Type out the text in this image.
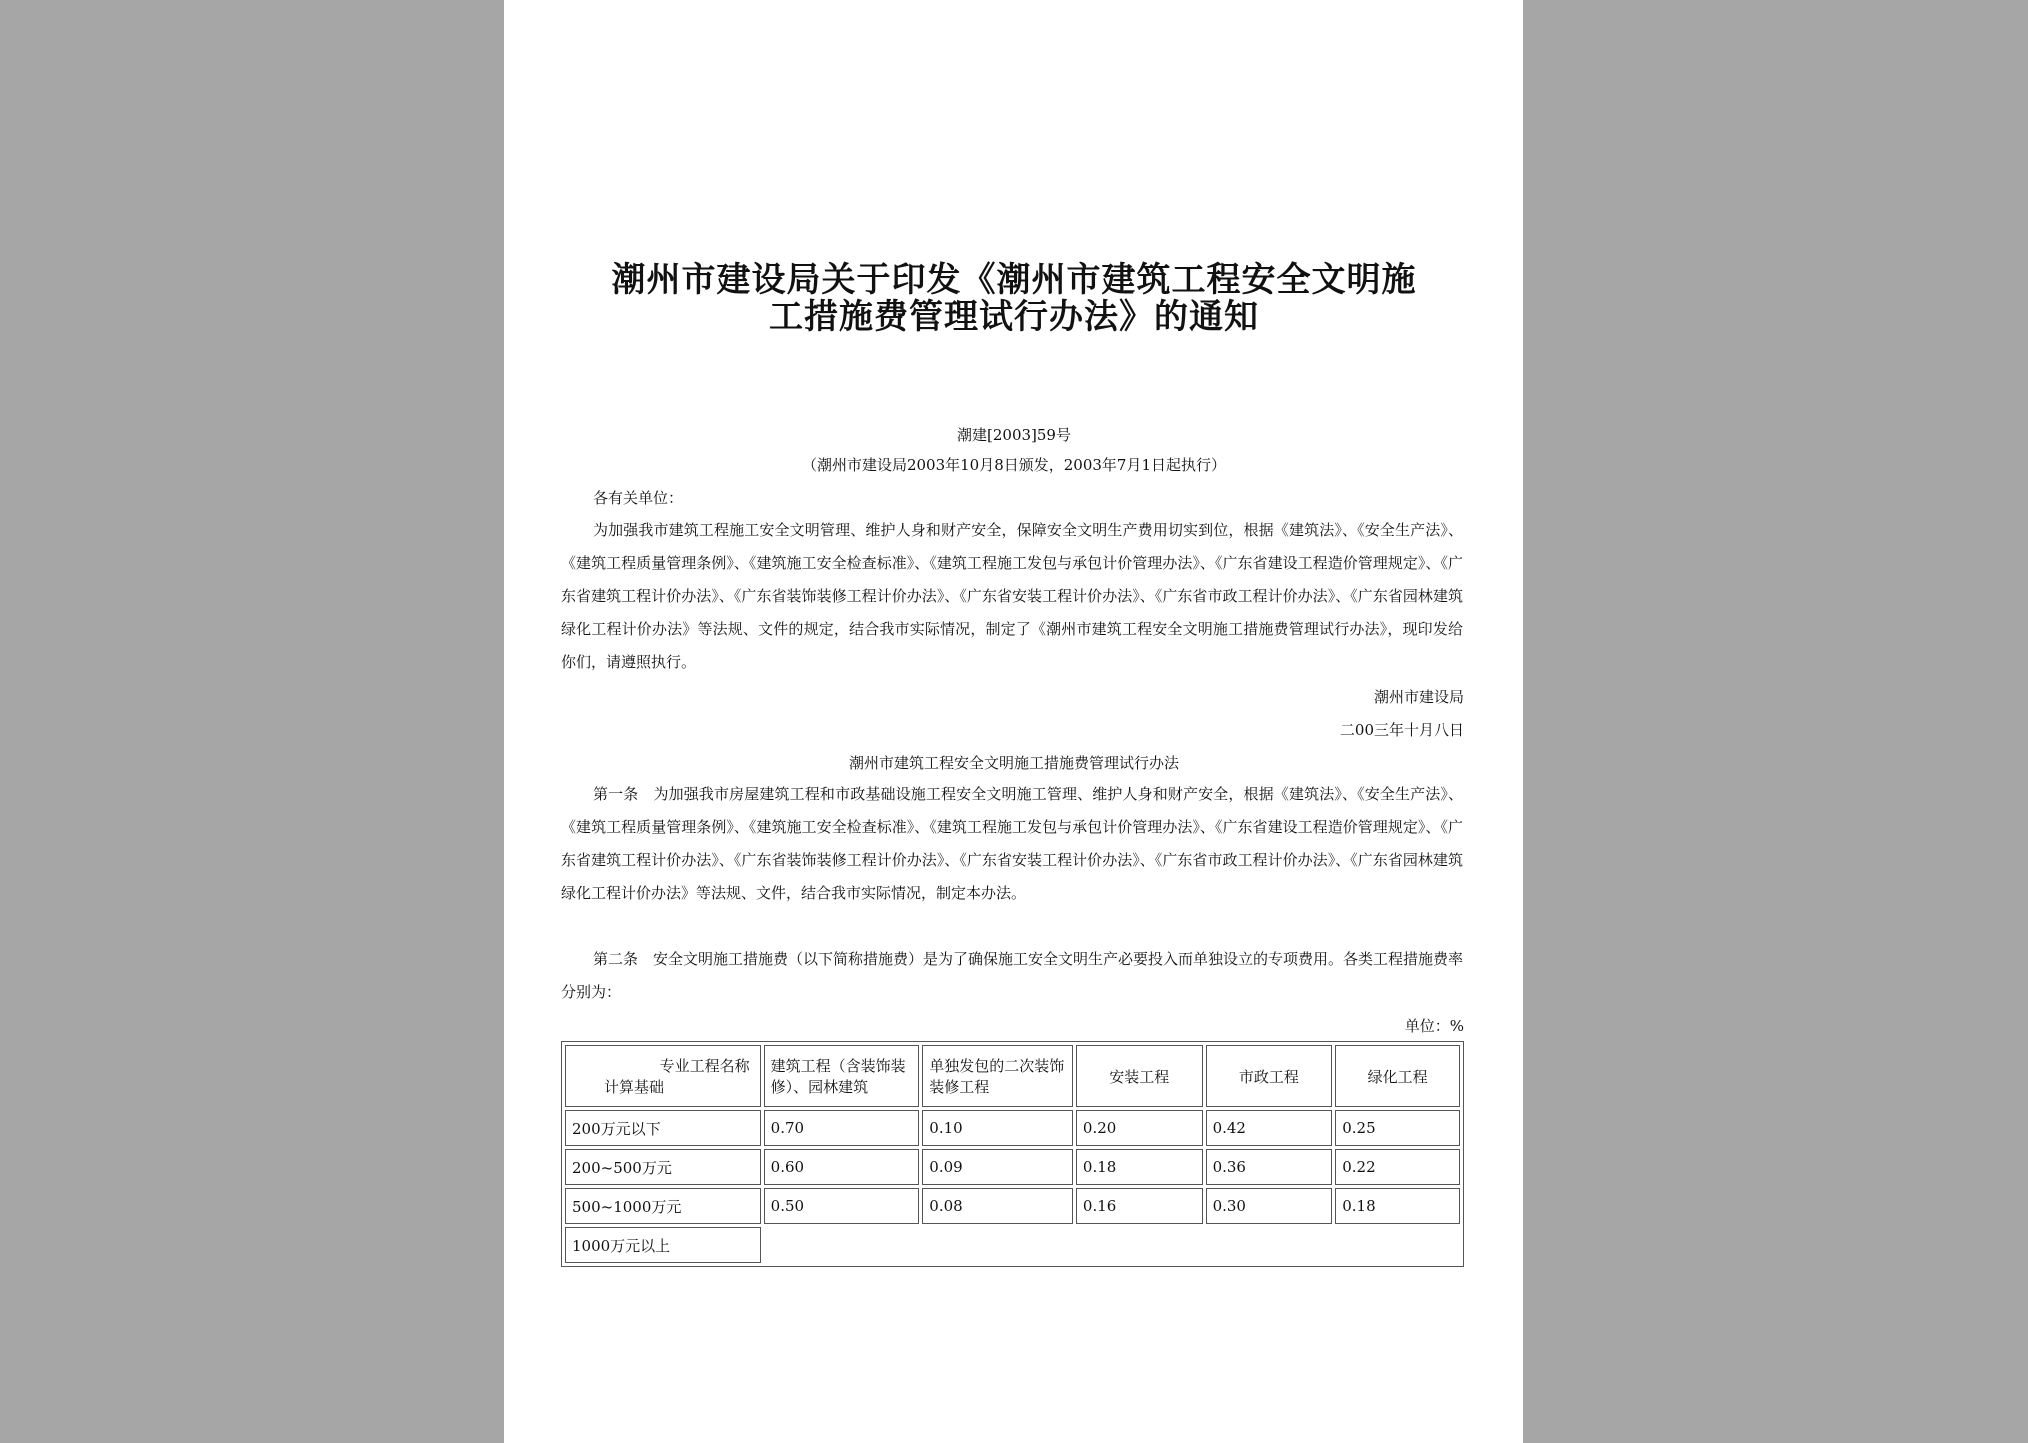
潮州市建设局关于印发《潮州市建筑工程安全文明施
工措施费管理试行办法》的通知
潮建[2003]59号
（潮州市建设局2003年10月8日颁发，2003年7月1日起执行）
各有关单位：

为加强我市建筑工程施工安全文明管理、维护人身和财产安全，保障安全文明生产费用切实到位，根据《建筑法》、《安全生产法》、《建筑工程质量管理条例》、《建筑施工安全检查标准》、《建筑工程施工发包与承包计价管理办法》、《广东省建设工程造价管理规定》、《广东省建筑工程计价办法》、《广东省装饰装修工程计价办法》、《广东省安装工程计价办法》、《广东省市政工程计价办法》、《广东省园林建筑绿化工程计价办法》等法规、文件的规定，结合我市实际情况，制定了《潮州市建筑工程安全文明施工措施费管理试行办法》，现印发给你们，请遵照执行。

潮州市建设局
二00三年十月八日
潮州市建筑工程安全文明施工措施费管理试行办法

第一条　为加强我市房屋建筑工程和市政基础设施工程安全文明施工管理、维护人身和财产安全，根据《建筑法》、《安全生产法》、《建筑工程质量管理条例》、《建筑施工安全检查标准》、《建筑工程施工发包与承包计价管理办法》、《广东省建设工程造价管理规定》、《广东省建筑工程计价办法》、《广东省装饰装修工程计价办法》、《广东省安装工程计价办法》、《广东省市政工程计价办法》、《广东省园林建筑绿化工程计价办法》等法规、文件，结合我市实际情况，制定本办法。

第二条　安全文明施工措施费（以下简称措施费）是为了确保施工安全文明生产必要投入而单独设立的专项费用。各类工程措施费率分别为：

单位：%
专业工程名称
计算基础	建筑工程（含装饰装修）、园林建筑	单独发包的二次装饰装修工程	安装工程	市政工程	绿化工程
200万元以下	0.70	0.10	0.20	0.42	0.25
200~500万元	0.60	0.09	0.18	0.36	0.22
500~1000万元	0.50	0.08	0.16	0.30	0.18
1000万元以上					
